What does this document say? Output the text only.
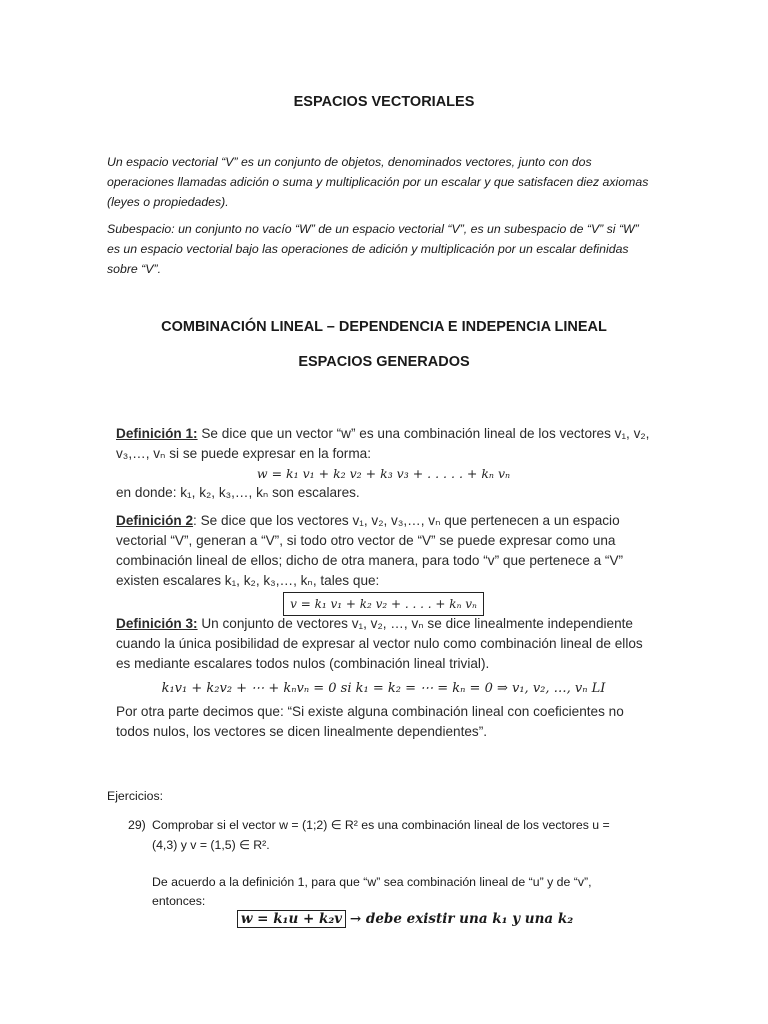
ESPACIOS VECTORIALES
Un espacio vectorial “V” es un conjunto de objetos, denominados vectores, junto con dos
operaciones llamadas adición o suma y multiplicación por un escalar y que satisfacen diez axiomas
(leyes o propiedades).
Subespacio: un conjunto no vacío “W” de un espacio vectorial “V”, es un subespacio de “V” si “W”
es un espacio vectorial bajo las operaciones de adición y multiplicación por un escalar definidas
sobre “V”.
COMBINACIÓN LINEAL – DEPENDENCIA E INDEPENCIA LINEAL
ESPACIOS GENERADOS
Definición 1: Se dice que un vector “w” es una combinación lineal de los vectores v₁, v₂,
v₃,…, vₙ si se puede expresar en la forma:
w = k₁ v₁ + k₂ v₂ + k₃ v₃ + . . . . . + kₙ vₙ
en donde: k₁, k₂, k₃,…, kₙ son escalares.
Definición 2: Se dice que los vectores v₁, v₂, v₃,…, vₙ que pertenecen a un espacio
vectorial “V”, generan a “V”, si todo otro vector de “V” se puede expresar como una
combinación lineal de ellos; dicho de otra manera, para todo “v” que pertenece a “V”
existen escalares k₁, k₂, k₃,…, kₙ, tales que:
v = k₁ v₁ + k₂ v₂ + . . . . + kₙ vₙ
Definición 3: Un conjunto de vectores v₁, v₂, …, vₙ se dice linealmente independiente
cuando la única posibilidad de expresar al vector nulo como combinación lineal de ellos
es mediante escalares todos nulos (combinación lineal trivial).
k₁v₁ + k₂v₂ + ⋯ + kₙvₙ = 0 si k₁ = k₂ = ⋯ = kₙ = 0 ⇒ v₁, v₂, …, vₙ LI
Por otra parte decimos que: “Si existe alguna combinación lineal con coeficientes no
todos nulos, los vectores se dicen linealmente dependientes”.
Ejercicios:
29) Comprobar si el vector w = (1;2) ∈ R² es una combinación lineal de los vectores u =
(4,3) y v = (1,5) ∈ R².
De acuerdo a la definición 1, para que “w” sea combinación lineal de “u” y de “v”,
entonces:
w = k₁u + k₂v → debe existir una k₁ y una k₂
